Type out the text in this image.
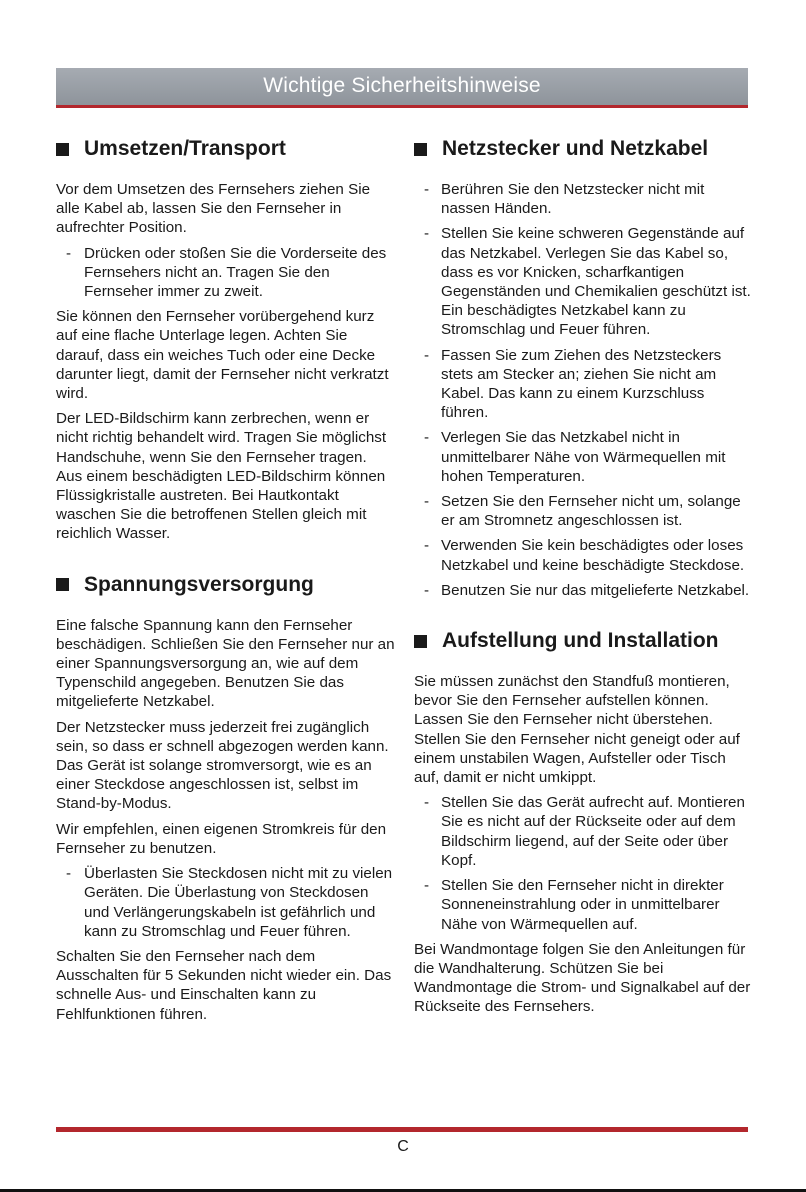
Wichtige Sicherheitshinweise
Umsetzen/Transport

Vor dem Umsetzen des Fernsehers ziehen Sie alle Kabel ab, lassen Sie den Fernseher in aufrechter Position.

- Drücken oder stoßen Sie die Vorderseite des Fernsehers nicht an. Tragen Sie den Fernseher immer zu zweit.

Sie können den Fernseher vorübergehend kurz auf eine flache Unterlage legen. Achten Sie darauf, dass ein weiches Tuch oder eine Decke darunter liegt, damit der Fernseher nicht verkratzt wird.

Der LED-Bildschirm kann zerbrechen, wenn er nicht richtig behandelt wird. Tragen Sie möglichst Handschuhe, wenn Sie den Fernseher tragen. Aus einem beschädigten LED-Bildschirm können Flüssigkristalle austreten. Bei Hautkontakt waschen Sie die betroffenen Stellen gleich mit reichlich Wasser.

Spannungsversorgung

Eine falsche Spannung kann den Fernseher beschädigen. Schließen Sie den Fernseher nur an einer Spannungsversorgung an, wie auf dem Typenschild angegeben. Benutzen Sie das mitgelieferte Netzkabel.

Der Netzstecker muss jederzeit frei zugänglich sein, so dass er schnell abgezogen werden kann. Das Gerät ist solange stromversorgt, wie es an einer Steckdose angeschlossen ist, selbst im Stand-by-Modus.

Wir empfehlen, einen eigenen Stromkreis für den Fernseher zu benutzen.

- Überlasten Sie Steckdosen nicht mit zu vielen Geräten. Die Überlastung von Steckdosen und Verlängerungskabeln ist gefährlich und kann zu Stromschlag und Feuer führen.

Schalten Sie den Fernseher nach dem Ausschalten für 5 Sekunden nicht wieder ein. Das schnelle Aus- und Einschalten kann zu Fehlfunktionen führen.

Netzstecker und Netzkabel
- Berühren Sie den Netzstecker nicht mit nassen Händen.
- Stellen Sie keine schweren Gegenstände auf das Netzkabel. Verlegen Sie das Kabel so, dass es vor Knicken, scharfkantigen Gegenständen und Chemikalien geschützt ist. Ein beschädigtes Netzkabel kann zu Stromschlag und Feuer führen.
- Fassen Sie zum Ziehen des Netzsteckers stets am Stecker an; ziehen Sie nicht am Kabel. Das kann zu einem Kurzschluss führen.
- Verlegen Sie das Netzkabel nicht in unmittelbarer Nähe von Wärmequellen mit hohen Temperaturen.
- Setzen Sie den Fernseher nicht um, solange er am Stromnetz angeschlossen ist.
- Verwenden Sie kein beschädigtes oder loses Netzkabel und keine beschädigte Steckdose.
- Benutzen Sie nur das mitgelieferte Netzkabel.
Aufstellung und Installation

Sie müssen zunächst den Standfuß montieren, bevor Sie den Fernseher aufstellen können. Lassen Sie den Fernseher nicht überstehen. Stellen Sie den Fernseher nicht geneigt oder auf einem unstabilen Wagen, Aufsteller oder Tisch auf, damit er nicht umkippt.

- Stellen Sie das Gerät aufrecht auf. Montieren Sie es nicht auf der Rückseite oder auf dem Bildschirm liegend, auf der Seite oder über Kopf.
- Stellen Sie den Fernseher nicht in direkter Sonneneinstrahlung oder in unmittelbarer Nähe von Wärmequellen auf.

Bei Wandmontage folgen Sie den Anleitungen für die Wandhalterung. Schützen Sie bei Wandmontage die Strom- und Signalkabel auf der Rückseite des Fernsehers.

C
